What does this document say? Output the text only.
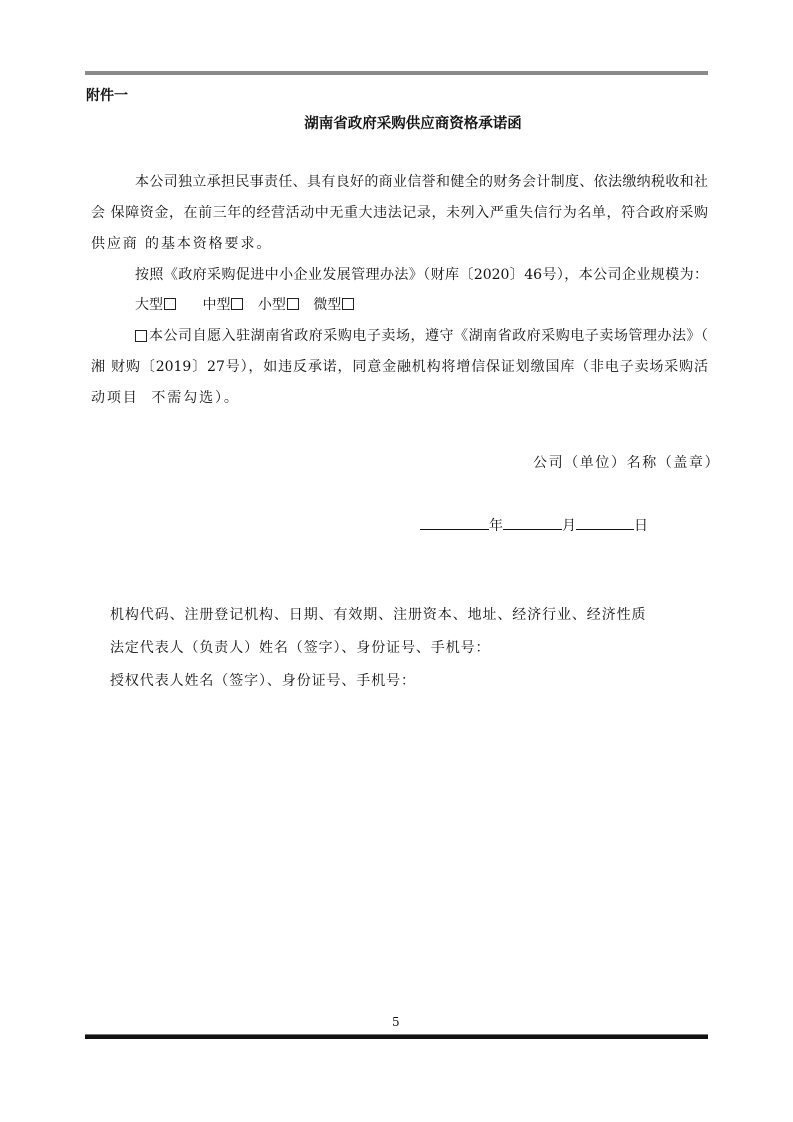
附件一
湖南省政府采购供应商资格承诺函
本公司独立承担民事责任、具有良好的商业信誉和健全的财务会计制度、依法缴纳税收和社
会 保障资金，在前三年的经营活动中无重大违法记录，未列入严重失信行为名单，符合政府采购
供应商 的基本资格要求。
按照《政府采购促进中小企业发展管理办法》（财库〔2020〕46号），本公司企业规模为：
大型	中型 小型 微型
本公司自愿入驻湖南省政府采购电子卖场，遵守《湖南省政府采购电子卖场管理办法》（
湘 财购〔2019〕27号），如违反承诺，同意金融机构将增信保证划缴国库（非电子卖场采购活
动项目  不需勾选）。
公司（单位）名称（盖章）
年	月	日
机构代码、注册登记机构、日期、有效期、注册资本、地址、经济行业、经济性质
法定代表人（负责人）姓名（签字）、身份证号、手机号：
授权代表人姓名（签字）、身份证号、手机号：
5
